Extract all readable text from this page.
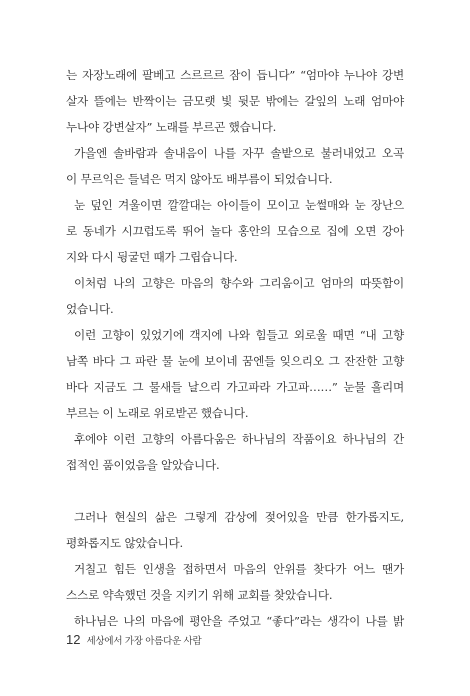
는 자장노래에 팔베고 스르르르 잠이 듭니다” “엄마야 누나야 강변
살자 뜰에는 반짝이는 금모랫 빛 뒷문 밖에는 갈잎의 노래 엄마야
누나야 강변살자” 노래를 부르곤 했습니다.
가을엔 솔바람과 솔내음이 나를 자꾸 솔밭으로 불러내었고 오곡
이 무르익은 들녘은 먹지 않아도 배부름이 되었습니다.
눈 덮인 겨울이면 깔깔대는 아이들이 모이고 눈썰매와 눈 장난으
로 동네가 시끄럽도록 뛰어 놀다 홍안의 모습으로 집에 오면 강아
지와 다시 뒹굴던 때가 그립습니다.
이처럼 나의 고향은 마음의 향수와 그리움이고 엄마의 따뜻함이
었습니다.
이런 고향이 있었기에 객지에 나와 힘들고 외로울 때면 “내 고향
남쪽 바다 그 파란 물 눈에 보이네 꿈엔들 잊으리오 그 잔잔한 고향
바다 지금도 그 물새들 날으리 가고파라 가고파……” 눈물 흘리며
부르는 이 노래로 위로받곤 했습니다.
후에야 이런 고향의 아름다움은 하나님의 작품이요 하나님의 간
접적인 품이었음을 알았습니다.
그러나 현실의 삶은 그렇게 감상에 젖어있을 만큼 한가롭지도,
평화롭지도 않았습니다.
거칠고 힘든 인생을 접하면서 마음의 안위를 찾다가 어느 땐가
스스로 약속했던 것을 지키기 위해 교회를 찾았습니다.
하나님은 나의 마음에 평안을 주었고 “좋다”라는 생각이 나를 밝
12 세상에서 가장 아름다운 사람
